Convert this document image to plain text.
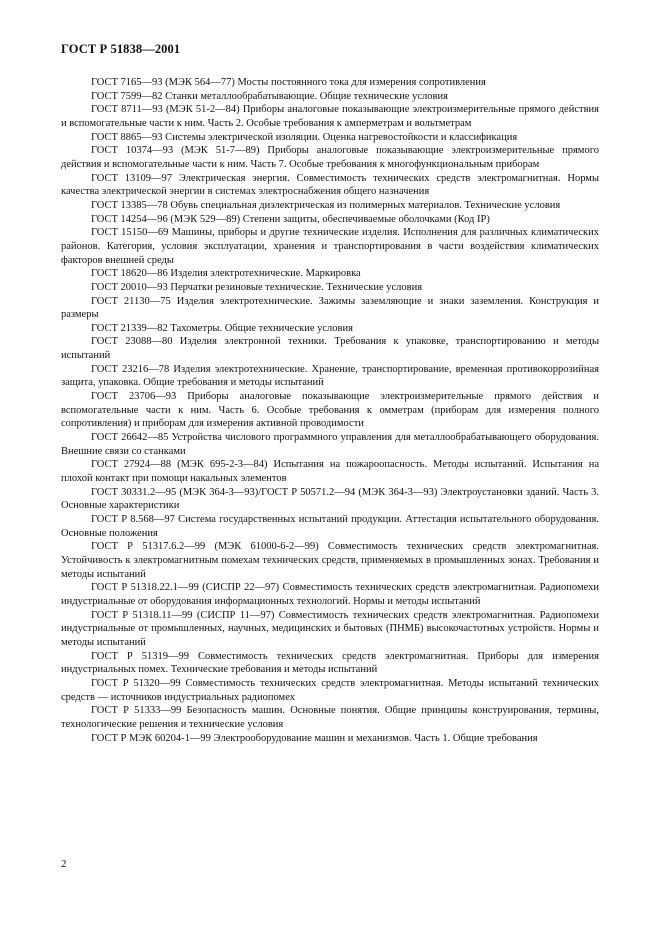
ГОСТ Р 51838—2001

ГОСТ 7165—93 (МЭК 564—77) Мосты постоянного тока для измерения сопротивления

ГОСТ 7599—82 Станки металлообрабатывающие. Общие технические условия

ГОСТ 8711—93 (МЭК 51-2—84) Приборы аналоговые показывающие электроизмерительные прямого действия и вспомогательные части к ним. Часть 2. Особые требования к амперметрам и вольтметрам

ГОСТ 8865—93 Системы электрической изоляции. Оценка нагревостойкости и классификация

ГОСТ 10374—93 (МЭК 51-7—89) Приборы аналоговые показывающие электроизмерительные прямого действия и вспомогательные части к ним. Часть 7. Особые требования к многофункциональным приборам

ГОСТ 13109—97 Электрическая энергия. Совместимость технических средств электромагнитная. Нормы качества электрической энергии в системах электроснабжения общего назначения

ГОСТ 13385—78 Обувь специальная диэлектрическая из полимерных материалов. Технические условия

ГОСТ 14254—96 (МЭК 529—89) Степени защиты, обеспечиваемые оболочками (Код IP)

ГОСТ 15150—69 Машины, приборы и другие технические изделия. Исполнения для различных климатических районов. Категория, условия эксплуатации, хранения и транспортирования в части воздействия климатических факторов внешней среды

ГОСТ 18620—86 Изделия электротехнические. Маркировка

ГОСТ 20010—93 Перчатки резиновые технические. Технические условия

ГОСТ 21130—75 Изделия электротехнические. Зажимы заземляющие и знаки заземления. Конструкция и размеры

ГОСТ 21339—82 Тахометры. Общие технические условия

ГОСТ 23088—80 Изделия электронной техники. Требования к упаковке, транспортированию и методы испытаний

ГОСТ 23216—78 Изделия электротехнические. Хранение, транспортирование, временная противокоррозийная защита, упаковка. Общие требования и методы испытаний

ГОСТ 23706—93 Приборы аналоговые показывающие электроизмерительные прямого действия и вспомогательные части к ним. Часть 6. Особые требования к омметрам (приборам для измерения полного сопротивления) и приборам для измерения активной проводимости

ГОСТ 26642—85 Устройства числового программного управления для металлообрабатывающего оборудования. Внешние связи со станками

ГОСТ 27924—88 (МЭК 695-2-3—84) Испытания на пожароопасность. Методы испытаний. Испытания на плохой контакт при помощи накальных элементов

ГОСТ 30331.2—95 (МЭК 364-3—93)/ГОСТ Р 50571.2—94 (МЭК 364-3—93) Электроустановки зданий. Часть 3. Основные характеристики

ГОСТ Р 8.568—97 Система государственных испытаний продукции. Аттестация испытательного оборудования. Основные положения

ГОСТ Р 51317.6.2—99 (МЭК 61000-6-2—99) Совместимость технических средств электромагнитная. Устойчивость к электромагнитным помехам технических средств, применяемых в промышленных зонах. Требования и методы испытаний

ГОСТ Р 51318.22.1—99 (СИСПР 22—97) Совместимость технических средств электромагнитная. Радиопомехи индустриальные от оборудования информационных технологий. Нормы и методы испытаний

ГОСТ Р 51318.11—99 (СИСПР 11—97) Совместимость технических средств электромагнитная. Радиопомехи индустриальные от промышленных, научных, медицинских и бытовых (ПНМБ) высокочастотных устройств. Нормы и методы испытаний

ГОСТ Р 51319—99 Совместимость технических средств электромагнитная. Приборы для измерения индустриальных помех. Технические требования и методы испытаний

ГОСТ Р 51320—99 Совместимость технических средств электромагнитная. Методы испытаний технических средств — источников индустриальных радиопомех

ГОСТ Р 51333—99 Безопасность машин. Основные понятия. Общие принципы конструирования, термины, технологические решения и технические условия

ГОСТ Р МЭК 60204-1—99 Электрооборудование машин и механизмов. Часть 1. Общие требования

2
